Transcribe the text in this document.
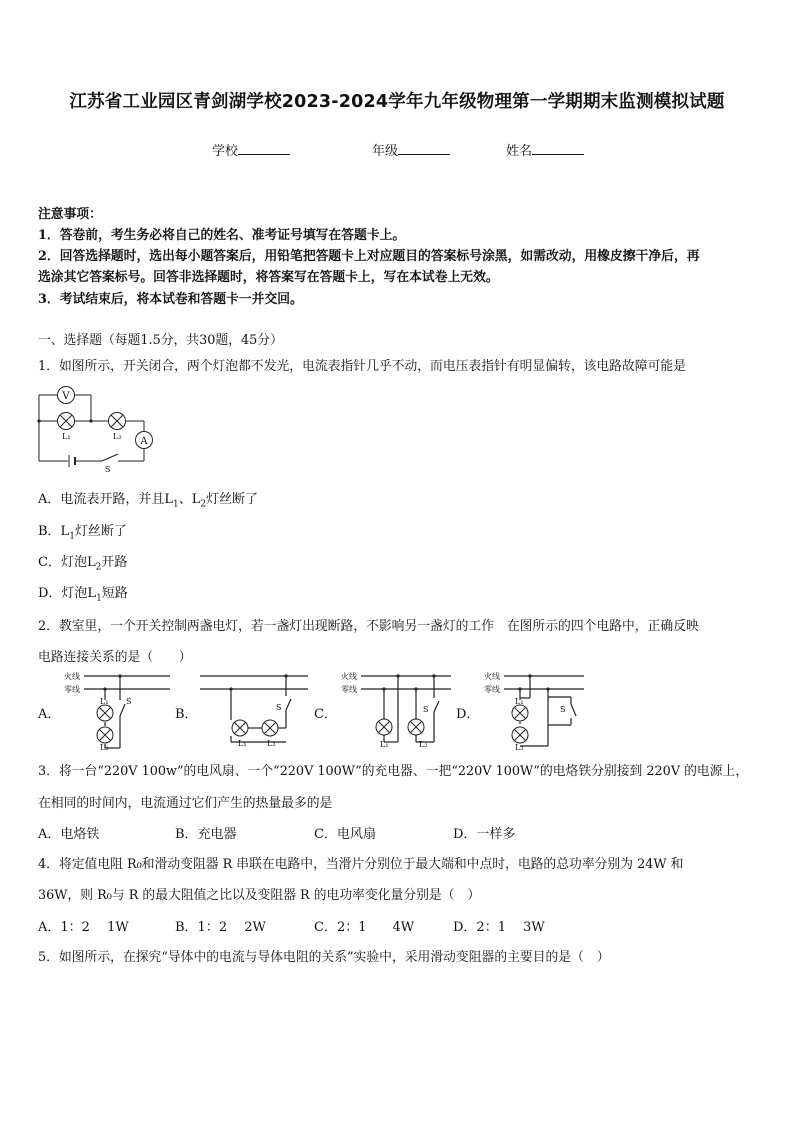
江苏省工业园区青剑湖学校2023-2024学年九年级物理第一学期期末监测模拟试题
学校	年级	姓名
注意事项：
1．答卷前，考生务必将自己的姓名、准考证号填写在答题卡上。
2．回答选择题时，选出每小题答案后，用铅笔把答题卡上对应题目的答案标号涂黑，如需改动，用橡皮擦干净后，再
选涂其它答案标号。回答非选择题时，将答案写在答题卡上，写在本试卷上无效。
3．考试结束后，将本试卷和答题卡一并交回。
一、选择题（每题1.5分，共30题，45分）
1．如图所示，开关闭合，两个灯泡都不发光，电流表指针几乎不动，而电压表指针有明显偏转，该电路故障可能是
V
L₁	L₂ A
S
A．电流表开路，并且$L_1$、$L_2$灯丝断了
B．$L_1$灯丝断了
C．灯泡$L_2$开路
D．灯泡$L_1$短路
2．教室里，一个开关控制两盏电灯，若一盏灯出现断路，不影响另一盏灯的工作　在图所示的四个电路中，正确反映
电路连接关系的是（　　）
A．	B．	C．	D．
火线
零线
L₁
L₂
S
L₁	L₂
S
火线
零线
L₁	L₂
S
火线
零线
L₁
L₂
S
3．将一台“220V 100w”的电风扇、一个“220V 100W”的充电器、一把“220V 100W”的电烙铁分别接到 220V 的电源上，
在相同的时间内，电流通过它们产生的热量最多的是
A．电烙铁	B．充电器	C．电风扇	D．一样多
4．将定值电阻 R₀和滑动变阻器 R 串联在电路中，当滑片分别位于最大端和中点时，电路的总功率分别为 24W 和
36W，则 R₀与 R 的最大阻值之比以及变阻器 R 的电功率变化量分别是（　）
A．1：2　 1W	B．1：2　 2W	C．2：1　　4W	D．2：1　 3W
5．如图所示，在探究“导体中的电流与导体电阻的关系”实验中，采用滑动变阻器的主要目的是（　）
